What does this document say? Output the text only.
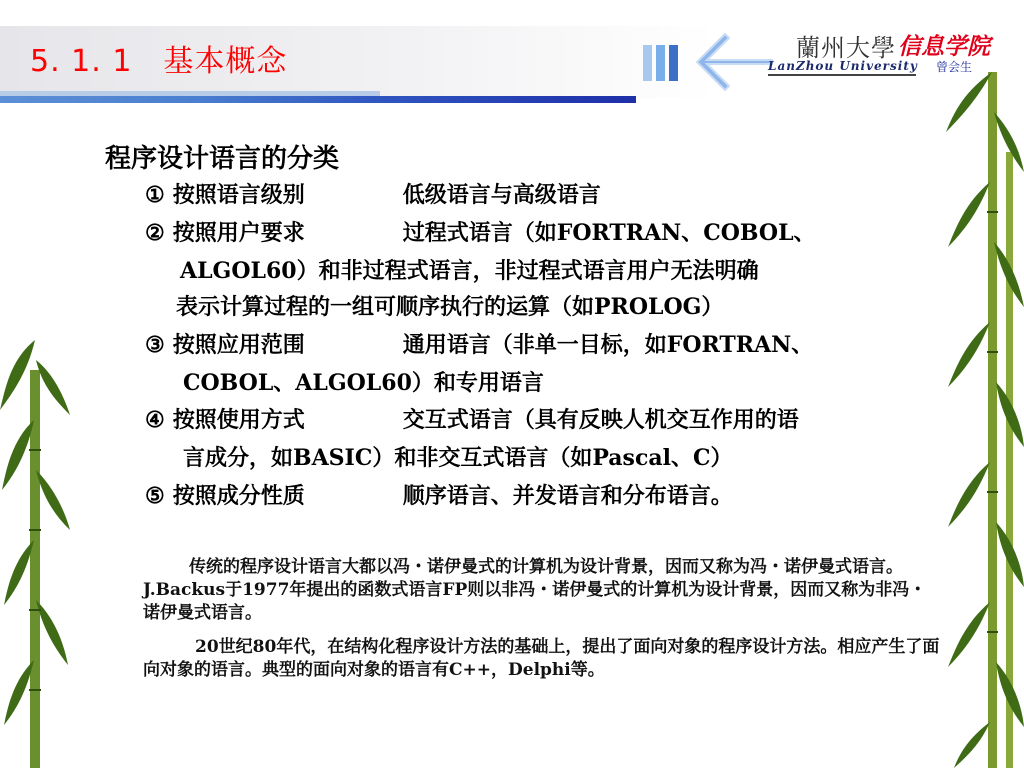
5. 1. 1　基本概念	蘭州大學 信息学院
LanZhou University 曾会生
程序设计语言的分类
① 按照语言级别	低级语言与高级语言
② 按照用户要求	过程式语言（如FORTRAN、COBOL、
ALGOL60）和非过程式语言，非过程式语言用户无法明确
表示计算过程的一组可顺序执行的运算（如PROLOG）
③ 按照应用范围	通用语言（非单一目标，如FORTRAN、
COBOL、ALGOL60）和专用语言
④ 按照使用方式	交互式语言（具有反映人机交互作用的语
言成分，如BASIC）和非交互式语言（如Pascal、C）
⑤ 按照成分性质	顺序语言、并发语言和分布语言。
传统的程序设计语言大都以冯・诺伊曼式的计算机为设计背景，因而又称为冯・诺伊曼式语言。J.Backus于1977年提出的函数式语言FP则以非冯・诺伊曼式的计算机为设计背景，因而又称为非冯・诺伊曼式语言。
20世纪80年代，在结构化程序设计方法的基础上，提出了面向对象的程序设计方法。相应产生了面向对象的语言。典型的面向对象的语言有C++，Delphi等。
